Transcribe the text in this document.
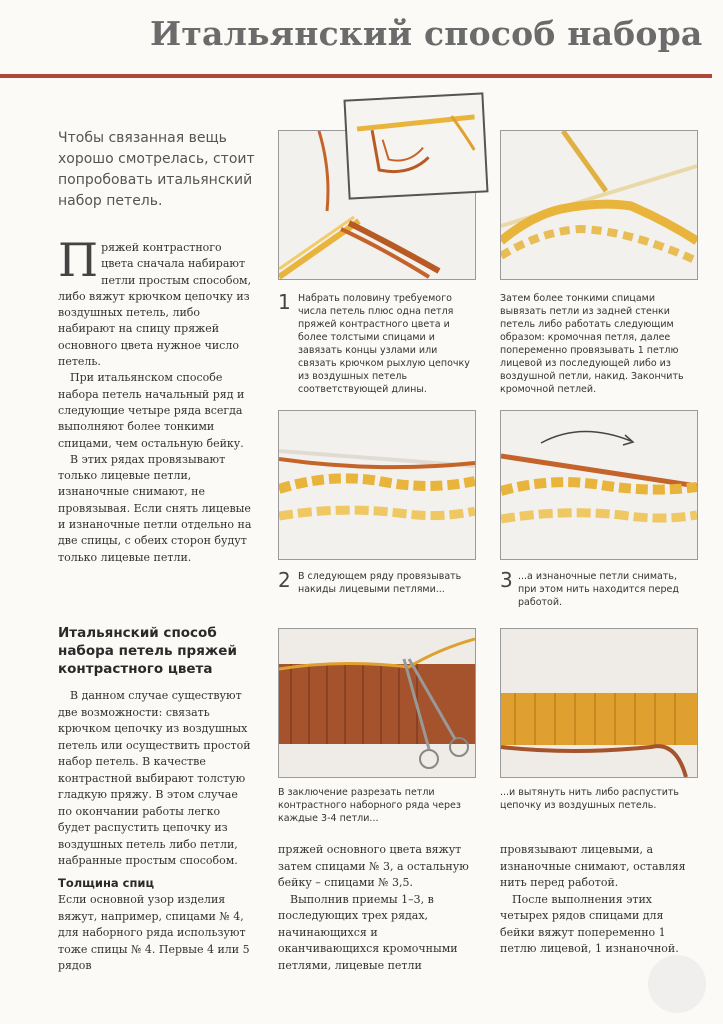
Итальянский способ набора
Чтобы связанная вещь
хорошо смотрелась, стоит
попробовать итальянский
набор петель.

Пряжей контрастного цвета сначала набирают петли простым способом, либо вяжут крючком цепочку из воздушных петель, либо набирают на спицу пряжей основного цвета нужное число петель.

При итальянском способе набора петель начальный ряд и следующие четыре ряда всегда выполняют более тонкими спицами, чем остальную бейку.

В этих рядах провязывают только лицевые петли, изнаночные снимают, не провязывая. Если снять лицевые и изнаночные петли отдельно на две спицы, с обеих сторон будут только лицевые петли.

Итальянский способ
набора петель пряжей
контрастного цвета

В данном случае существуют две возможности: связать крючком цепочку из воздушных петель или осуществить простой набор петель. В качестве контрастной выбирают толстую гладкую пряжу. В этом случае по окончании работы легко будет распустить цепочку из воздушных петель либо петли, набранные простым способом.

Толщина спиц

Если основной узор изделия вяжут, например, спицами № 4, для наборного ряда используют тоже спицы № 4. Первые 4 или 5 рядов

пряжей основного цвета вяжут затем спицами № 3, а остальную бейку – спицами № 3,5.

Выполнив приемы 1–3, в последующих трех рядах, начинающихся и оканчивающихся кромочными петлями, лицевые петли

провязывают лицевыми, а изнаночные снимают, оставляя нить перед работой.

После выполнения этих четырех рядов спицами для бейки вяжут попеременно 1 петлю лицевой, 1 изнаночной.

1 Набрать половину требуемого числа петель плюс одна петля пряжей контрастного цвета и более толстыми спицами и завязать концы узлами или связать крючком рыхлую цепочку из воздушных петель соответствующей длины.
Затем более тонкими спицами вывязать петли из задней стенки петель либо работать следующим образом: кромочная петля, далее попеременно провязывать 1 петлю лицевой из последующей либо из воздушной петли, накид. Закончить кромочной петлей.
2 В следующем ряду провязывать накиды лицевыми петлями...	3 ...а изнаночные петли снимать, при этом нить находится перед работой.
В заключение разрезать петли контрастного наборного ряда через каждые 3-4 петли...
...и вытянуть нить либо распустить цепочку из воздушных петель.
